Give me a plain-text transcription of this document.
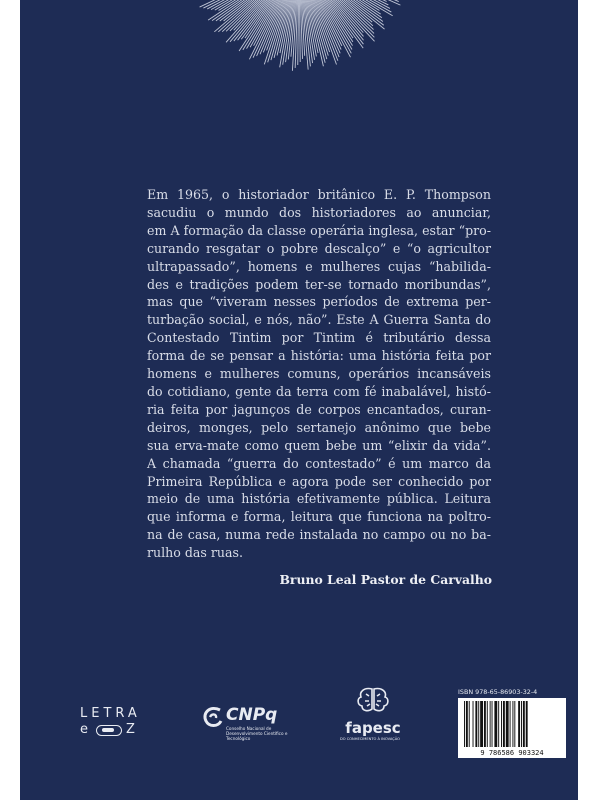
Em 1965, o historiador britânico E. P. Thompson
sacudiu o mundo dos historiadores ao anunciar,
em A formação da classe operária inglesa, estar “pro-
curando resgatar o pobre descalço” e “o agricultor
ultrapassado”, homens e mulheres cujas “habilida-
des e tradições podem ter-se tornado moribundas”,
mas que “viveram nesses períodos de extrema per-
turbação social, e nós, não”. Este A Guerra Santa do
Contestado Tintim por Tintim é tributário dessa
forma de se pensar a história: uma história feita por
homens e mulheres comuns, operários incansáveis
do cotidiano, gente da terra com fé inabalável, histó-
ria feita por jagunços de corpos encantados, curan-
deiros, monges, pelo sertanejo anônimo que bebe
sua erva-mate como quem bebe um “elixir da vida”.
A chamada “guerra do contestado” é um marco da
Primeira República e agora pode ser conhecido por
meio de uma história efetivamente pública. Leitura
que informa e forma, leitura que funciona na poltro-
na de casa, numa rede instalada no campo ou no ba-
rulho das ruas.
Bruno Leal Pastor de Carvalho
LETRA
e	Z
CNPq
Conselho Nacional de Desenvolvimento Científico e Tecnológico
fapesc
DO CONHECIMENTO À INOVAÇÃO
ISBN 978-65-86903-32-4
9 786586 903324
